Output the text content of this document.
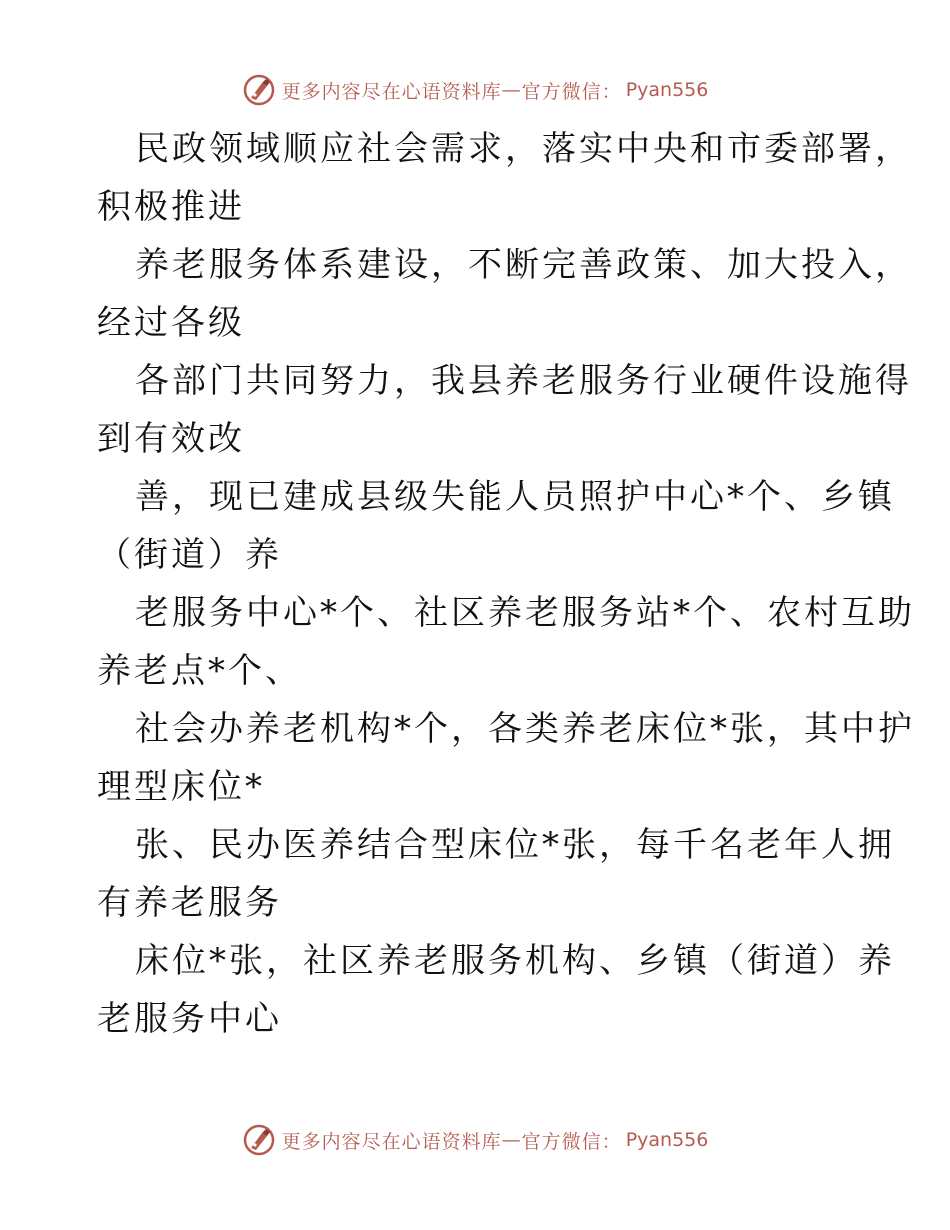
更多内容尽在心语资料库 — 官方微信： Pyan556
民政领域顺应社会需求，落实中央和市委部署，
积极推进
养老服务体系建设，不断完善政策、加大投入，
经过各级
各部门共同努力，我县养老服务行业硬件设施得
到有效改
善，现已建成县级失能人员照护中心*个、乡镇
（街道）养
老服务中心*个、社区养老服务站*个、农村互助
养老点*个、
社会办养老机构*个，各类养老床位*张，其中护
理型床位*
张、民办医养结合型床位*张，每千名老年人拥
有养老服务
床位*张，社区养老服务机构、乡镇（街道）养
老服务中心
更多内容尽在心语资料库 — 官方微信： Pyan556
